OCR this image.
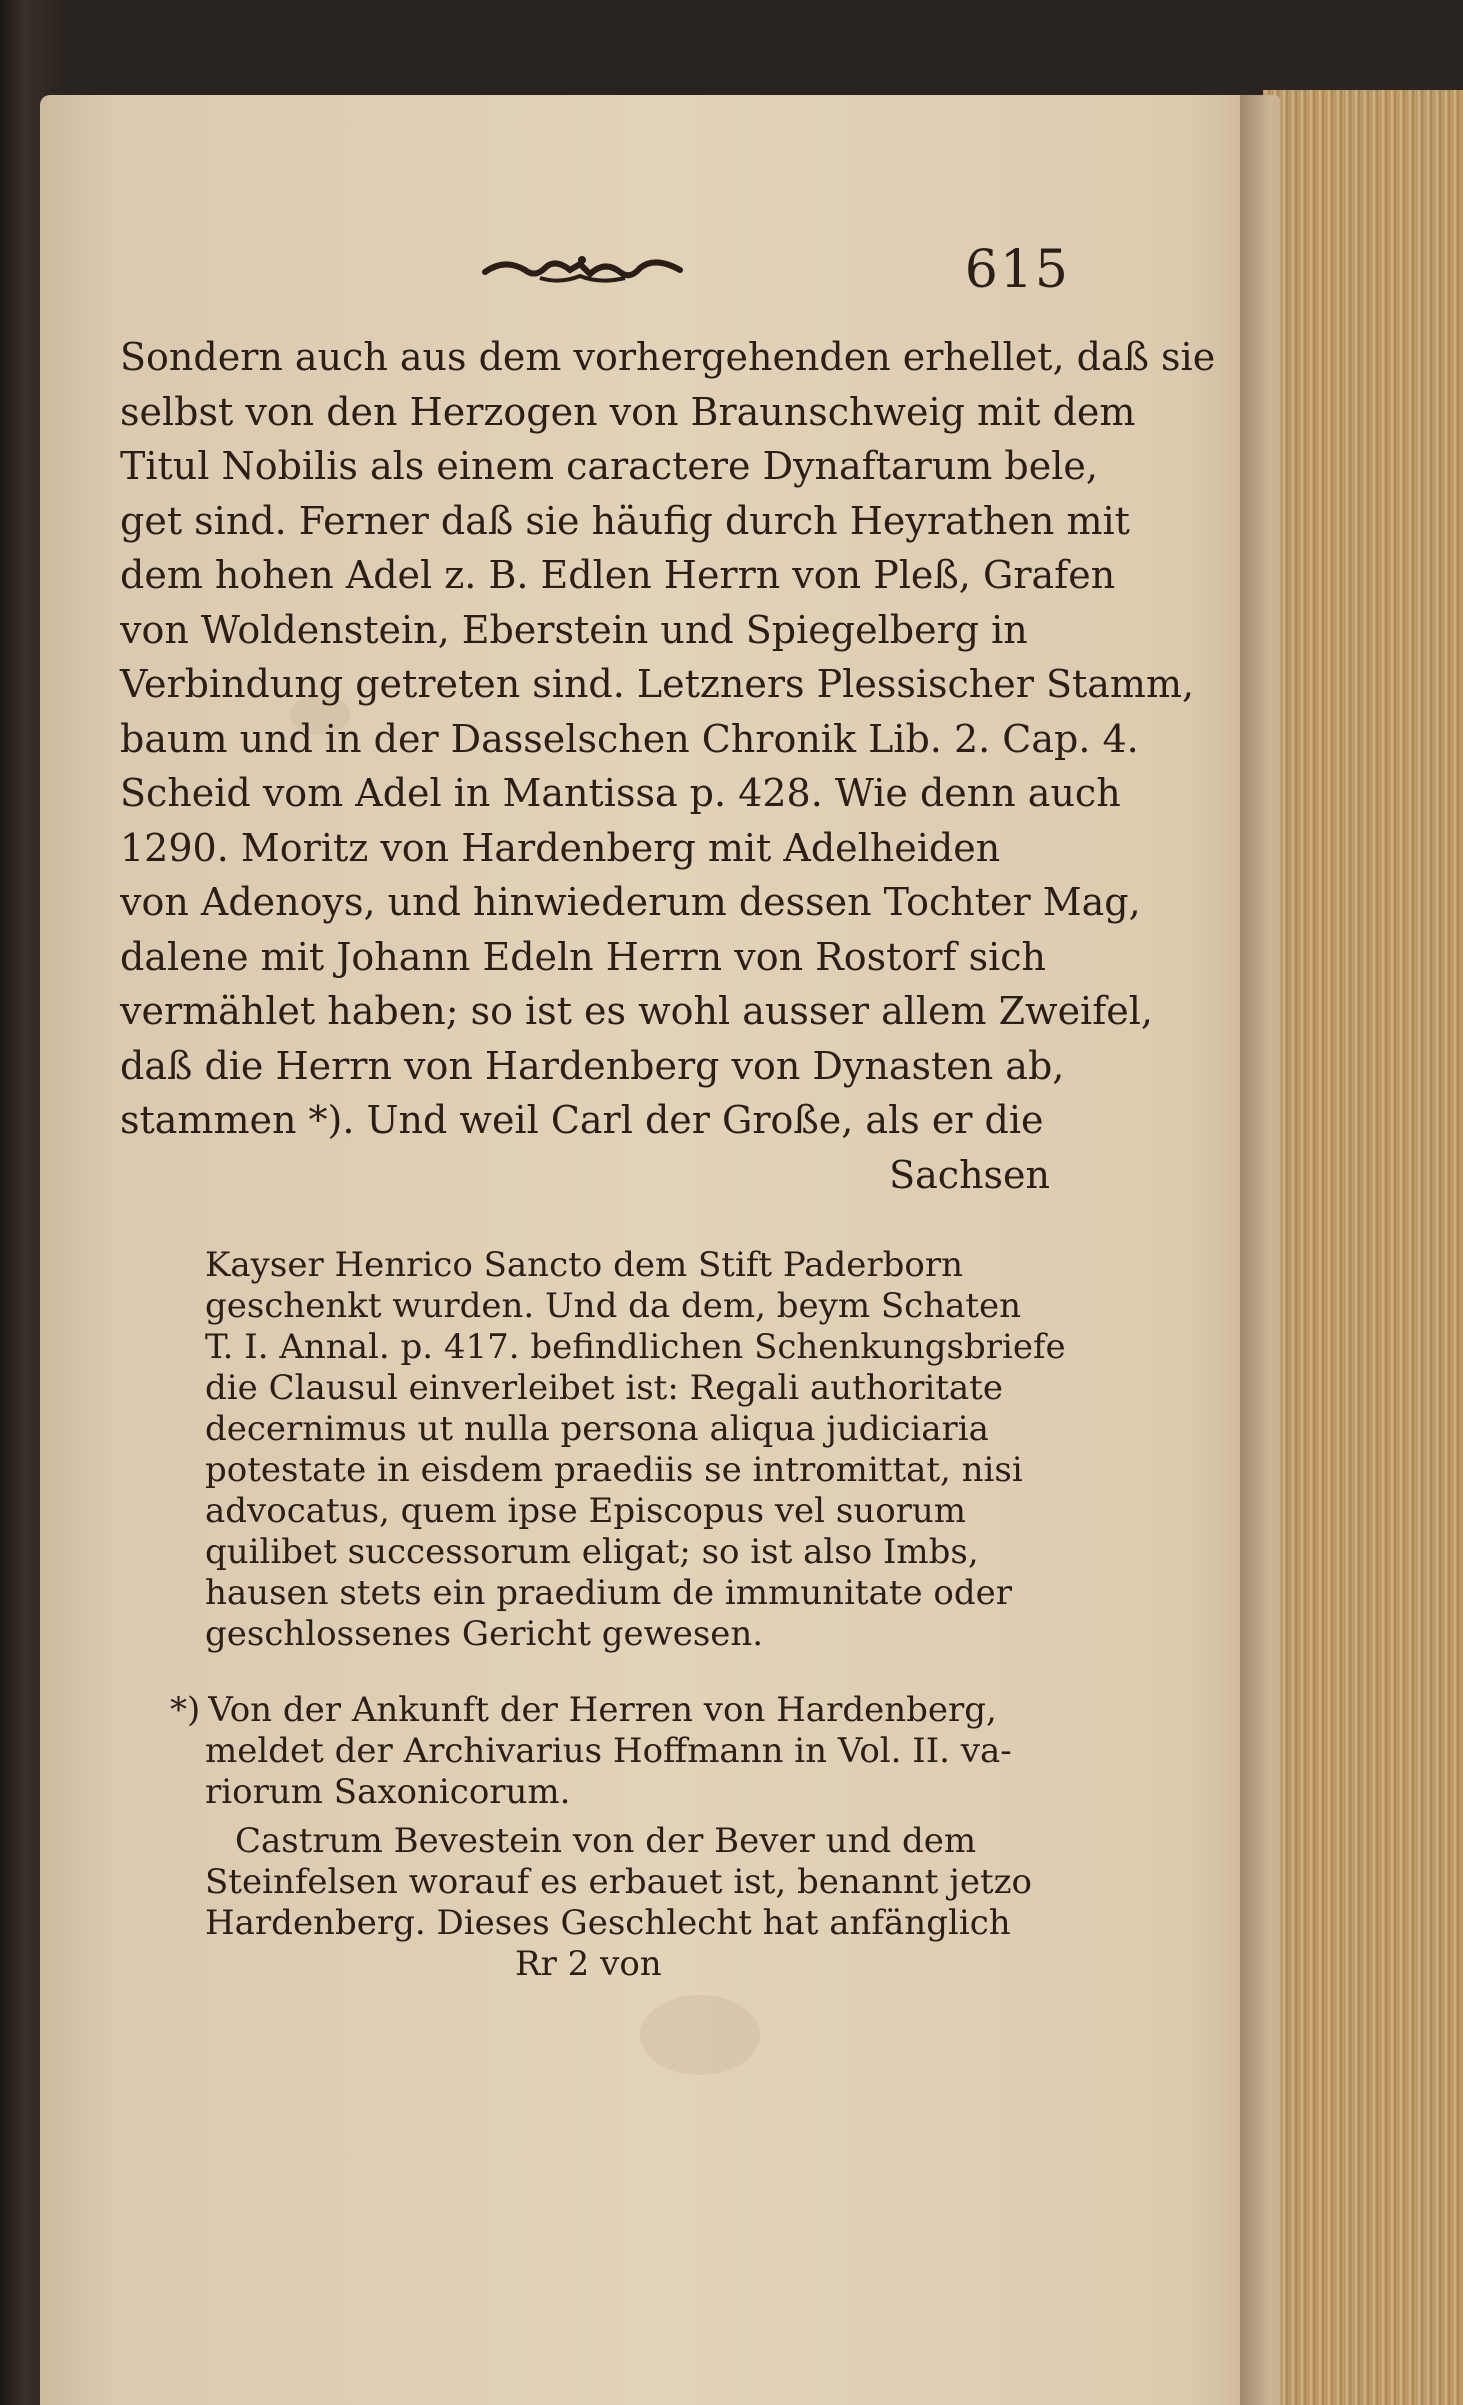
615
Sondern auch aus dem vorhergehenden erhellet, daß sie
selbst von den Herzogen von Braunschweig mit dem
Titul Nobilis als einem caractere Dynaftarum bele,
get sind. Ferner daß sie häufig durch Heyrathen mit
dem hohen Adel z. B. Edlen Herrn von Pleß, Grafen
von Woldenstein, Eberstein und Spiegelberg in
Verbindung getreten sind. Letzners Plessischer Stamm,
baum und in der Dasselschen Chronik Lib. 2. Cap. 4.
Scheid vom Adel in Mantissa p. 428. Wie denn auch
1290. Moritz von Hardenberg mit Adelheiden
von Adenoys, und hinwiederum dessen Tochter Mag,
dalene mit Johann Edeln Herrn von Rostorf sich
vermählet haben; so ist es wohl ausser allem Zweifel,
daß die Herrn von Hardenberg von Dynasten ab,
stammen *). Und weil Carl der Große, als er die
Sachsen
Kayser Henrico Sancto dem Stift Paderborn
geschenkt wurden. Und da dem, beym Schaten
T. I. Annal. p. 417. befindlichen Schenkungsbriefe
die Clausul einverleibet ist: Regali authoritate
decernimus ut nulla persona aliqua judiciaria
potestate in eisdem praediis se intromittat, nisi
advocatus, quem ipse Episcopus vel suorum
quilibet successorum eligat; so ist also Imbs,
hausen stets ein praedium de immunitate oder
geschlossenes Gericht gewesen.
*) Von der Ankunft der Herren von Hardenberg,
meldet der Archivarius Hoffmann in Vol. II. va-
riorum Saxonicorum.
Castrum Bevestein von der Bever und dem
Steinfelsen worauf es erbauet ist, benannt jetzo
Hardenberg. Dieses Geschlecht hat anfänglich
Rr 2 von
